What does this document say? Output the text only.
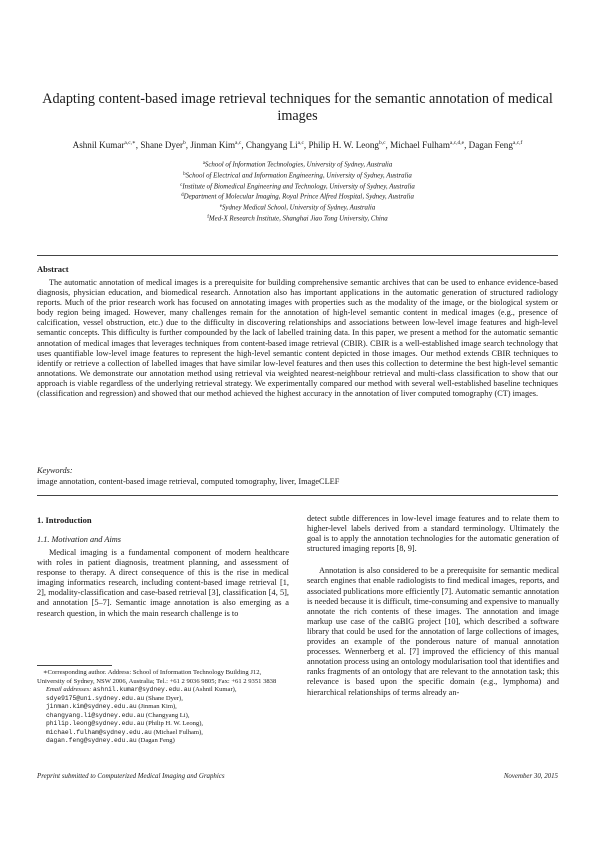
Adapting content-based image retrieval techniques for the semantic annotation of medical images
Ashnil Kumar$^{a,c,∗}$, Shane Dyer$^b$, Jinman Kim$^{a,c}$, Changyang Li$^{a,c}$, Philip H. W. Leong$^{b,c}$, Michael Fulham$^{a,c,d,e}$, Dagan Feng$^{a,c,f}$
$^a$School of Information Technologies, University of Sydney, Australia
$^b$School of Electrical and Information Engineering, University of Sydney, Australia
$^c$Institute of Biomedical Engineering and Technology, University of Sydney, Australia
$^d$Department of Molecular Imaging, Royal Prince Alfred Hospital, Sydney, Australia
$^e$Sydney Medical School, University of Sydney, Australia
$^f$Med-X Research Institute, Shanghai Jiao Tong University, China
Abstract

The automatic annotation of medical images is a prerequisite for building comprehensive semantic archives that can be used to enhance evidence-based diagnosis, physician education, and biomedical research. Annotation also has important applications in the automatic generation of structured radiology reports. Much of the prior research work has focused on annotating images with properties such as the modality of the image, or the biological system or body region being imaged. However, many challenges remain for the annotation of high-level semantic content in medical images (e.g., presence of calcification, vessel obstruction, etc.) due to the difficulty in discovering relationships and associations between low-level image features and high-level semantic concepts. This difficulty is further compounded by the lack of labelled training data. In this paper, we present a method for the automatic semantic annotation of medical images that leverages techniques from content-based image retrieval (CBIR). CBIR is a well-established image search technology that uses quantifiable low-level image features to represent the high-level semantic content depicted in those images. Our method extends CBIR techniques to identify or retrieve a collection of labelled images that have similar low-level features and then uses this collection to determine the best high-level semantic annotations. We demonstrate our annotation method using retrieval via weighted nearest-neighbour retrieval and multi-class classification to show that our approach is viable regardless of the underlying retrieval strategy. We experimentally compared our method with several well-established baseline techniques (classification and regression) and showed that our method achieved the highest accuracy in the annotation of liver computed tomography (CT) images.

Keywords:
image annotation, content-based image retrieval, computed tomography, liver, ImageCLEF
1. Introduction
1.1. Motivation and Aims

Medical imaging is a fundamental component of modern healthcare with roles in patient diagnosis, treatment planning, and assessment of response to therapy. A direct consequence of this is the rise in medical imaging informatics research, including content-based image retrieval [1, 2], modality-classification and case-based retrieval [3], classification [4, 5], and annotation [5–7]. Semantic image annotation is also emerging as a research question, in which the main research challenge is to

detect subtle differences in low-level image features and to relate them to higher-level labels derived from a standard terminology. Ultimately the goal is to apply the annotation technologies for the automatic generation of structured imaging reports [8, 9].

Annotation is also considered to be a prerequisite for semantic medical search engines that enable radiologists to find medical images, reports, and associated publications more efficiently [7]. Automatic semantic annotation is needed because it is difficult, time-consuming and expensive to manually annotate the rich contents of these images. The annotation and image markup use case of the caBIG project [10], which described a software library that could be used for the annotation of large collections of images, provides an example of the ponderous nature of manual annotation processes. Wennerberg et al. [7] improved the efficiency of this manual annotation process using an ontology modularisation tool that identifies and ranks fragments of an ontology that are relevant to the annotation task; this relevance is based upon the specific domain (e.g., lymphoma) and hierarchical relationships of terms already an-

∗Corresponding author. Address: School of Information Technology Building J12, University of Sydney, NSW 2006, Australia; Tel.: +61 2 9036 9805; Fax: +61 2 9351 3838
Email addresses: ashnil.kumar@sydney.edu.au (Ashnil Kumar),
sdye9175@uni.sydney.edu.au (Shane Dyer),
jinman.kim@sydney.edu.au (Jinman Kim),
changyang.li@sydney.edu.au (Changyang Li),
philip.leong@sydney.edu.au (Philip H. W. Leong),
michael.fulham@sydney.edu.au (Michael Fulham),
dagan.feng@sydney.edu.au (Dagan Feng)
Preprint submitted to Computerized Medical Imaging and Graphics	November 30, 2015
